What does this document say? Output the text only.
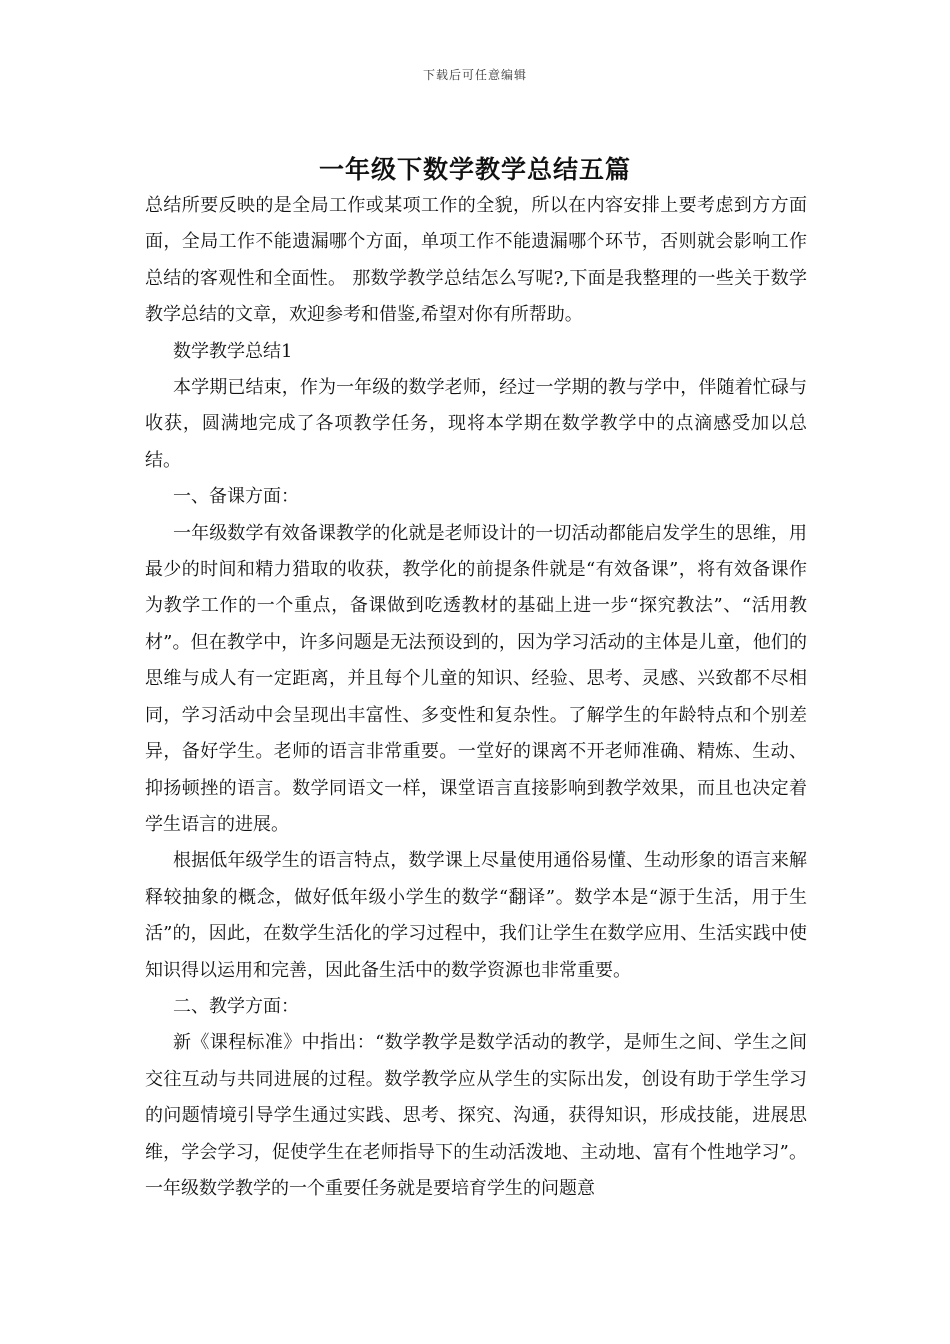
下载后可任意编辑
一年级下数学教学总结五篇

总结所要反映的是全局工作或某项工作的全貌，所以在内容安排上要考虑到方方面面，全局工作不能遗漏哪个方面，单项工作不能遗漏哪个环节，否则就会影响工作总结的客观性和全面性。 那数学教学总结怎么写呢?,下面是我整理的一些关于数学教学总结的文章，欢迎参考和借鉴,希望对你有所帮助。

数学教学总结1

本学期已结束，作为一年级的数学老师，经过一学期的教与学中，伴随着忙碌与收获，圆满地完成了各项教学任务，现将本学期在数学教学中的点滴感受加以总结。

一、备课方面：

一年级数学有效备课教学的化就是老师设计的一切活动都能启发学生的思维，用最少的时间和精力猎取的收获，教学化的前提条件就是“有效备课”，将有效备课作为教学工作的一个重点，备课做到吃透教材的基础上进一步“探究教法”、“活用教材”。但在教学中，许多问题是无法预设到的，因为学习活动的主体是儿童，他们的思维与成人有一定距离，并且每个儿童的知识、经验、思考、灵感、兴致都不尽相同，学习活动中会呈现出丰富性、多变性和复杂性。了解学生的年龄特点和个别差异，备好学生。老师的语言非常重要。一堂好的课离不开老师准确、精炼、生动、抑扬顿挫的语言。数学同语文一样，课堂语言直接影响到教学效果，而且也决定着学生语言的进展。

根据低年级学生的语言特点，数学课上尽量使用通俗易懂、生动形象的语言来解释较抽象的概念，做好低年级小学生的数学“翻译”。数学本是“源于生活，用于生活”的，因此，在数学生活化的学习过程中，我们让学生在数学应用、生活实践中使知识得以运用和完善，因此备生活中的数学资源也非常重要。

二、教学方面：

新《课程标准》中指出：“数学教学是数学活动的教学，是师生之间、学生之间交往互动与共同进展的过程。数学教学应从学生的实际出发，创设有助于学生学习的问题情境引导学生通过实践、思考、探究、沟通，获得知识，形成技能，进展思维，学会学习，促使学生在老师指导下的生动活泼地、主动地、富有个性地学习”。一年级数学教学的一个重要任务就是要培育学生的问题意
